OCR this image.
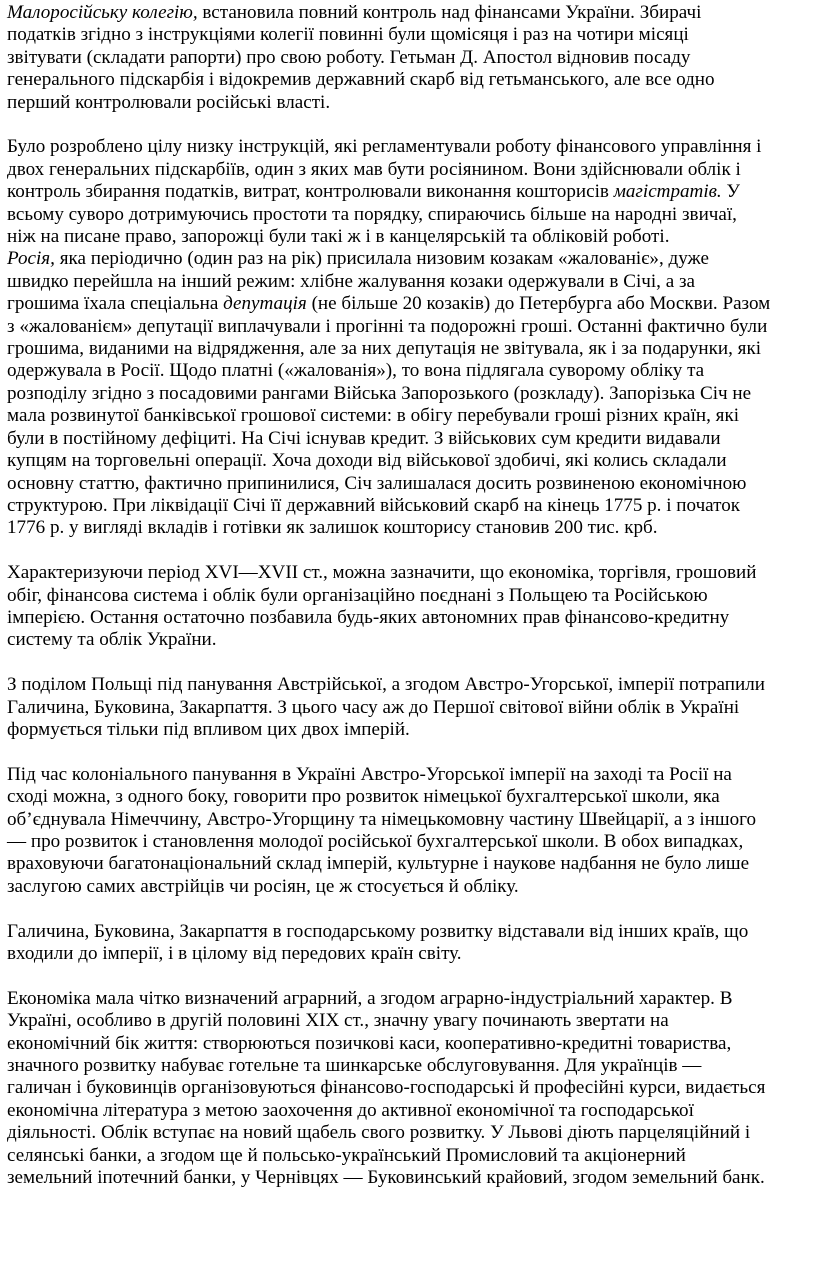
Малоросійську колегію, встановила повний контроль над фінансами України. Збирачі
податків згідно з інструкціями колегії повинні були щомісяця і раз на чотири місяці
звітувати (складати рапорти) про свою роботу. Гетьман Д. Апостол відновив посаду
генерального підскарбія і відокремив державний скарб від гетьманського, але все одно
перший контролювали російські власті.

Було розроблено цілу низку інструкцій, які регламентували роботу фінансового управління і
двох генеральних підскарбіїв, один з яких мав бути росіянином. Вони здійснювали облік і
контроль збирання податків, витрат, контролювали виконання кошторисів магістратів. У
всьому суворо дотримуючись простоти та порядку, спираючись більше на народні звичаї,
ніж на писане право, запорожці були такі ж і в канцелярській та обліковій роботі.

Росія, яка періодично (один раз на рік) присилала низовим козакам «жалованіє», дуже
швидко перейшла на інший режим: хлібне жалування козаки одержували в Січі, а за
грошима їхала спеціальна депутація (не більше 20 козаків) до Петербурга або Москви. Разом
з «жалованієм» депутації виплачували і прогінні та подорожні гроші. Останні фактично були
грошима, виданими на відрядження, але за них депутація не звітувала, як і за подарунки, які
одержувала в Росії. Щодо платні («жалованія»), то вона підлягала суворому обліку та
розподілу згідно з посадовими рангами Війська Запорозького (розкладу). Запорізька Січ не
мала розвинутої банківської грошової системи: в обігу перебували гроші різних країн, які
були в постійному дефіциті. На Січі існував кредит. З військових сум кредити видавали
купцям на торговельні операції. Хоча доходи від військової здобичі, які колись складали
основну статтю, фактично припинилися, Січ залишалася досить розвиненою економічною
структурою. При ліквідації Січі її державний військовий скарб на кінець 1775 р. і початок
1776 р. у вигляді вкладів і готівки як залишок кошторису становив 200 тис. крб.

Характеризуючи період XVI—XVII ст., можна зазначити, що економіка, торгівля, грошовий
обіг, фінансова система і облік були організаційно поєднані з Польщею та Російською
імперією. Остання остаточно позбавила будь-яких автономних прав фінансово-кредитну
систему та облік України.

З поділом Польщі під панування Австрійської, а згодом Австро-Угорської, імперії потрапили
Галичина, Буковина, Закарпаття. З цього часу аж до Першої світової війни облік в Україні
формується тільки під впливом цих двох імперій.

Під час колоніального панування в Україні Австро-Угорської імперії на заході та Росії на
сході можна, з одного боку, говорити про розвиток німецької бухгалтерської школи, яка
об’єднувала Німеччину, Австро-Угорщину та німецькомовну частину Швейцарії, а з іншого
— про розвиток і становлення молодої російської бухгалтерської школи. В обох випадках,
враховуючи багатонаціональний склад імперій, культурне і наукове надбання не було лише
заслугою самих австрійців чи росіян, це ж стосується й обліку.

Галичина, Буковина, Закарпаття в господарському розвитку відставали від інших країв, що
входили до імперії, і в цілому від передових країн світу.

Економіка мала чітко визначений аграрний, а згодом аграрно-індустріальний характер. В
Україні, особливо в другій половині XIX ст., значну увагу починають звертати на
економічний бік життя: створюються позичкові каси, кооперативно-кредитні товариства,
значного розвитку набуває готельне та шинкарське обслуговування. Для українців —
галичан і буковинців організовуються фінансово-господарські й професійні курси, видається
економічна література з метою заохочення до активної економічної та господарської
діяльності. Облік вступає на новий щабель свого розвитку. У Львові діють парцеляційний і
селянські банки, а згодом ще й польсько-український Промисловий та акціонерний
земельний іпотечний банки, у Чернівцях — Буковинський крайовий, згодом земельний банк.
